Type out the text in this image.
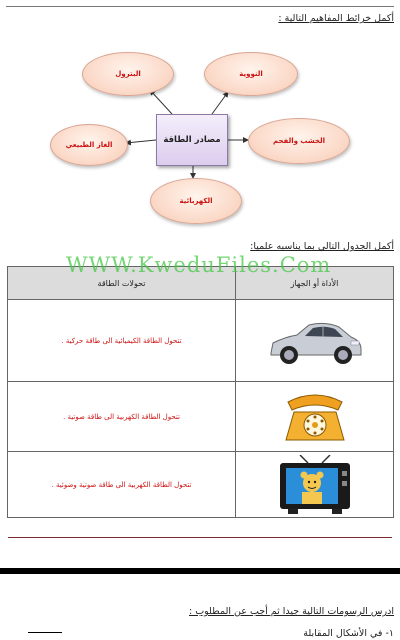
أكمل خرائط المفاهيم التالية :
مصادر الطاقة
البترول	النووية
الغاز الطبيعي	الخشب والفحم
الكهربائية
أكمل الجدول التالي بما يناسبه علميا:
تحولات الطاقة	الأداة أو الجهاز

تتحول الطاقة الكيميائية الى طاقة حركية .

تتحول الطاقة الكهربية الى طاقة صوتية .

تتحول الطاقة الكهربية الى طاقة صوتية وضوئية .

WWW.KweduFiles.Com
ادرس الرسومات التالية جيدا ثم أجب عن المطلوب :
١- في الأشكال المقابلة
